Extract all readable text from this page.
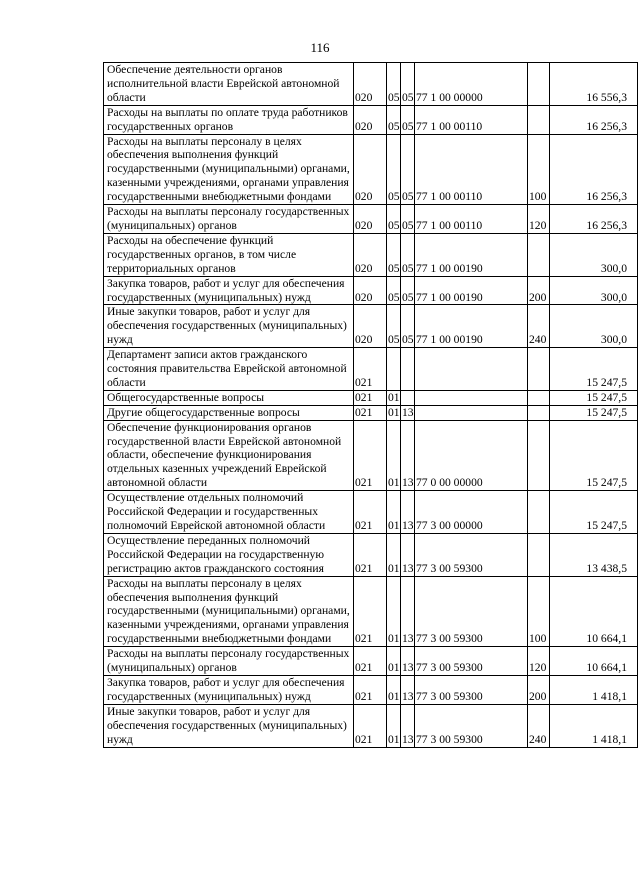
116
Обеспечение деятельности органов исполнительной власти Еврейской автономной области	020	05	05	77 1 00 00000		16 556,3
Расходы на выплаты по оплате труда работников государственных органов	020	05	05	77 1 00 00110		16 256,3
Расходы на выплаты персоналу в целях обеспечения выполнения функций государственными (муниципальными) органами, казенными учреждениями, органами управления государственными внебюджетными фондами	020	05	05	77 1 00 00110	100	16 256,3
Расходы на выплаты персоналу государственных (муниципальных) органов	020	05	05	77 1 00 00110	120	16 256,3
Расходы на обеспечение функций государственных органов, в том числе территориальных органов	020	05	05	77 1 00 00190		300,0
Закупка товаров, работ и услуг для обеспечения государственных (муниципальных) нужд	020	05	05	77 1 00 00190	200	300,0
Иные закупки товаров, работ и услуг для обеспечения государственных (муниципальных) нужд	020	05	05	77 1 00 00190	240	300,0
Департамент записи актов гражданского состояния правительства Еврейской автономной области	021					15 247,5
Общегосударственные вопросы	021	01				15 247,5
Другие общегосударственные вопросы	021	01	13			15 247,5
Обеспечение функционирования органов государственной власти Еврейской автономной области, обеспечение функционирования отдельных казенных учреждений Еврейской автономной области	021	01	13	77 0 00 00000		15 247,5
Осуществление отдельных полномочий Российской Федерации и государственных полномочий Еврейской автономной области	021	01	13	77 3 00 00000		15 247,5
Осуществление переданных полномочий Российской Федерации на государственную регистрацию актов гражданского состояния	021	01	13	77 3 00 59300		13 438,5
Расходы на выплаты персоналу в целях обеспечения выполнения функций государственными (муниципальными) органами, казенными учреждениями, органами управления государственными внебюджетными фондами	021	01	13	77 3 00 59300	100	10 664,1
Расходы на выплаты персоналу государственных (муниципальных) органов	021	01	13	77 3 00 59300	120	10 664,1
Закупка товаров, работ и услуг для обеспечения государственных (муниципальных) нужд	021	01	13	77 3 00 59300	200	1 418,1
Иные закупки товаров, работ и услуг для обеспечения государственных (муниципальных) нужд	021	01	13	77 3 00 59300	240	1 418,1
